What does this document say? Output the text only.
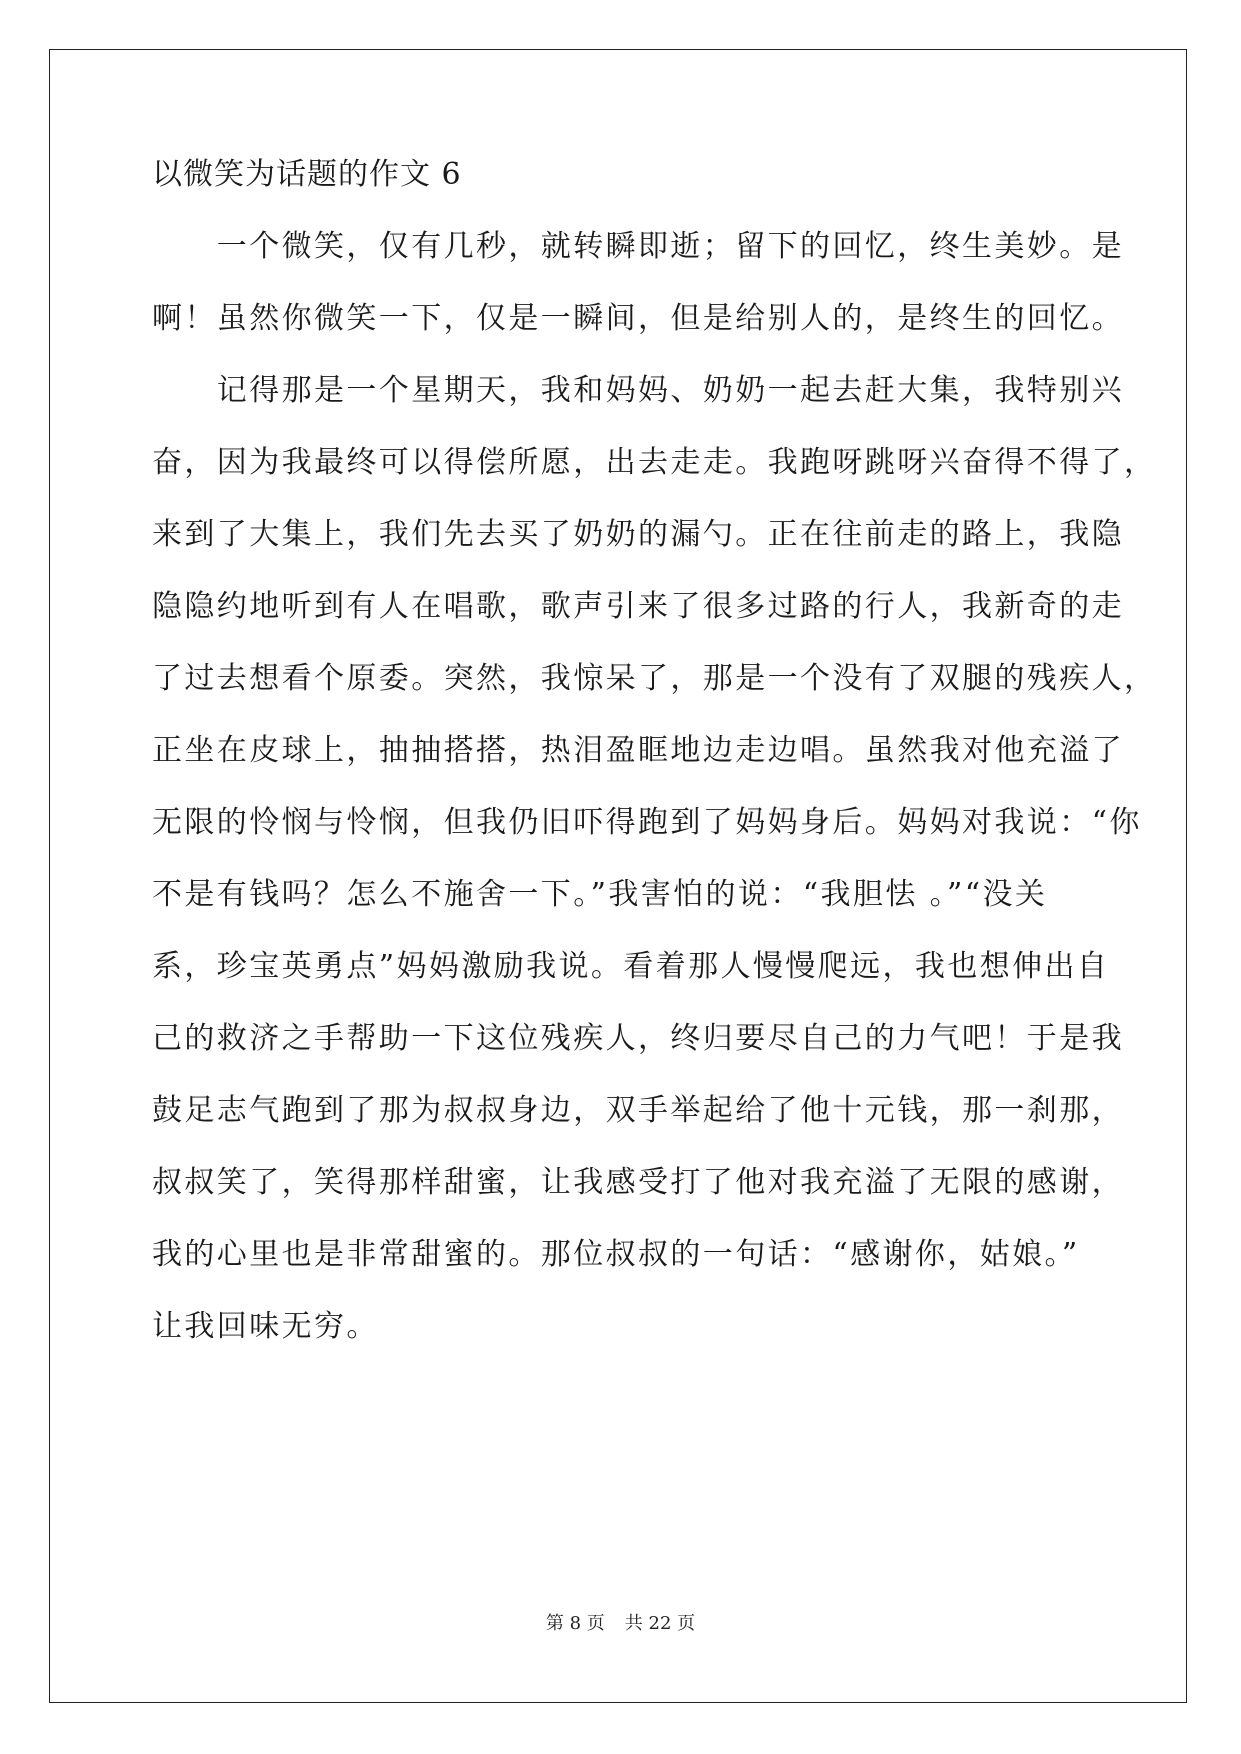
以微笑为话题的作文 6
　　一个微笑，仅有几秒，就转瞬即逝；留下的回忆，终生美妙。是
啊！虽然你微笑一下，仅是一瞬间，但是给别人的，是终生的回忆。
　　记得那是一个星期天，我和妈妈、奶奶一起去赶大集，我特别兴
奋，因为我最终可以得偿所愿，出去走走。我跑呀跳呀兴奋得不得了，
来到了大集上，我们先去买了奶奶的漏勺。正在往前走的路上，我隐
隐隐约地听到有人在唱歌，歌声引来了很多过路的行人，我新奇的走
了过去想看个原委。突然，我惊呆了，那是一个没有了双腿的残疾人，
正坐在皮球上，抽抽搭搭，热泪盈眶地边走边唱。虽然我对他充溢了
无限的怜悯与怜悯，但我仍旧吓得跑到了妈妈身后。妈妈对我说：“你
不是有钱吗？怎么不施舍一下。”我害怕的说：“我胆怯 。”“没关
系，珍宝英勇点”妈妈激励我说。看着那人慢慢爬远，我也想伸出自
己的救济之手帮助一下这位残疾人，终归要尽自己的力气吧！于是我
鼓足志气跑到了那为叔叔身边，双手举起给了他十元钱，那一刹那，
叔叔笑了，笑得那样甜蜜，让我感受打了他对我充溢了无限的感谢，
我的心里也是非常甜蜜的。那位叔叔的一句话：“感谢你，姑娘。”
让我回味无穷。
第 8 页 共 22 页
